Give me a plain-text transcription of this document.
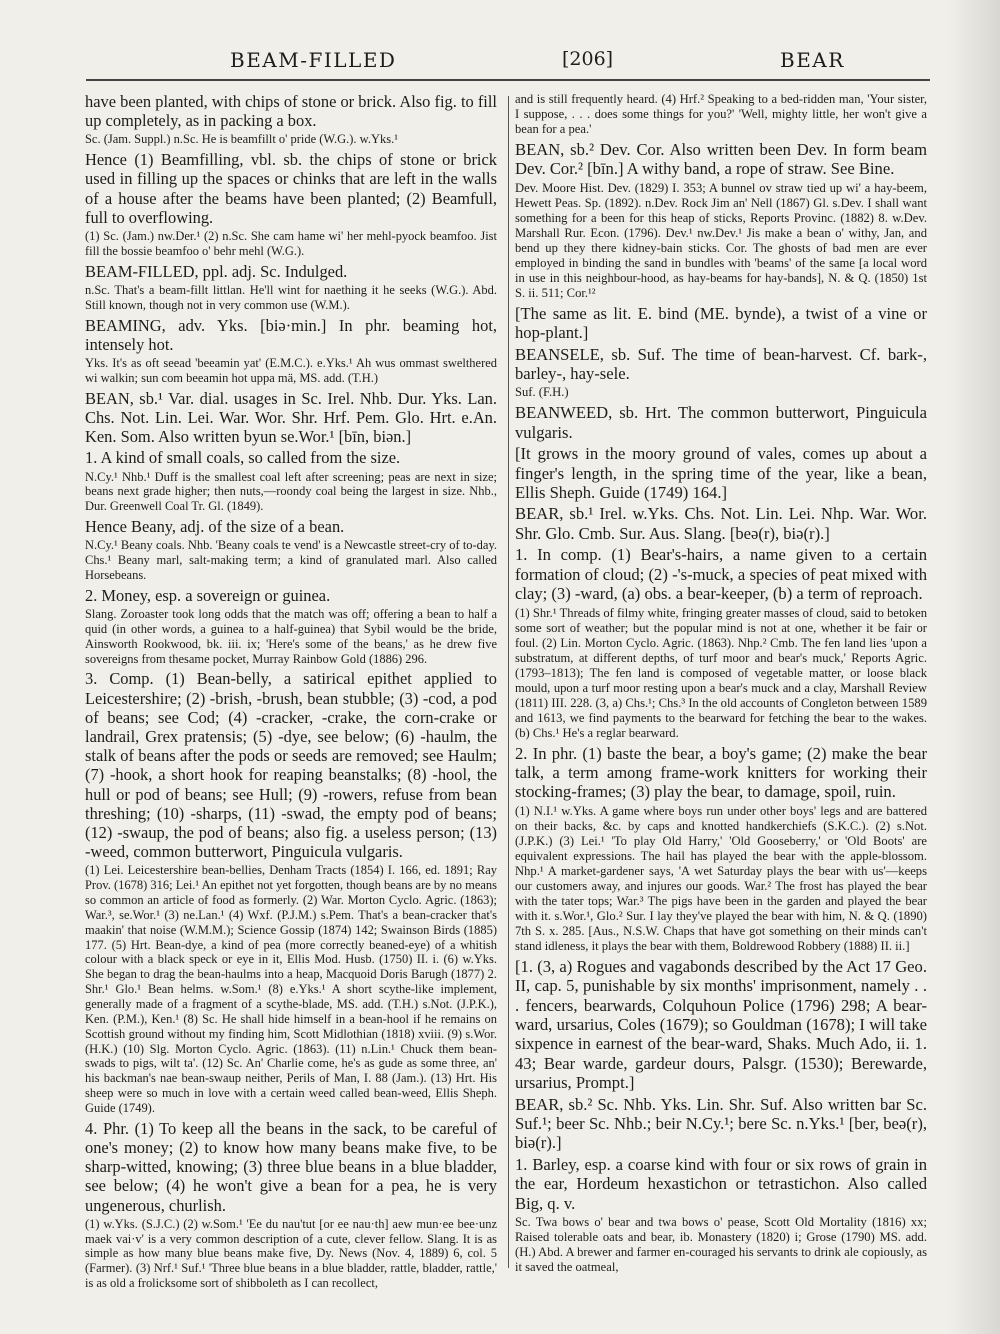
BEAM-FILLED	[206]	BEAR

have been planted, with chips of stone or brick. Also fig. to fill up completely, as in packing a box.

Sc. (Jam. Suppl.) n.Sc. He is beamfillt o' pride (W.G.). w.Yks.¹

Hence (1) Beamfilling, vbl. sb. the chips of stone or brick used in filling up the spaces or chinks that are left in the walls of a house after the beams have been planted; (2) Beamfull, full to overflowing.

(1) Sc. (Jam.) nw.Der.¹ (2) n.Sc. She cam hame wi' her mehl-pyock beamfoo. Jist fill the bossie beamfoo o' behr mehl (W.G.).

BEAM-FILLED, ppl. adj. Sc. Indulged.

n.Sc. That's a beam-fillt littlan. He'll wint for naething it he seeks (W.G.). Abd. Still known, though not in very common use (W.M.).

BEAMING, adv. Yks. [biə·min.] In phr. beaming hot, intensely hot.

Yks. It's as oft seead 'beeamin yat' (E.M.C.). e.Yks.¹ Ah wus ommast swelthered wi walkin; sun com beeamin hot uppa mä, MS. add. (T.H.)

BEAN, sb.¹ Var. dial. usages in Sc. Irel. Nhb. Dur. Yks. Lan. Chs. Not. Lin. Lei. War. Wor. Shr. Hrf. Pem. Glo. Hrt. e.An. Ken. Som. Also written byun se.Wor.¹ [bīn, biən.]

1. A kind of small coals, so called from the size.

N.Cy.¹ Nhb.¹ Duff is the smallest coal left after screening; peas are next in size; beans next grade higher; then nuts,—roondy coal being the largest in size. Nhb., Dur. Greenwell Coal Tr. Gl. (1849).

Hence Beany, adj. of the size of a bean.

N.Cy.¹ Beany coals. Nhb. 'Beany coals te vend' is a Newcastle street-cry of to-day. Chs.¹ Beany marl, salt-making term; a kind of granulated marl. Also called Horsebeans.

2. Money, esp. a sovereign or guinea.

Slang. Zoroaster took long odds that the match was off; offering a bean to half a quid (in other words, a guinea to a half-guinea) that Sybil would be the bride, Ainsworth Rookwood, bk. iii. ix; 'Here's some of the beans,' as he drew five sovereigns from thesame pocket, Murray Rainbow Gold (1886) 296.

3. Comp. (1) Bean-belly, a satirical epithet applied to Leicestershire; (2) -brish, -brush, bean stubble; (3) -cod, a pod of beans; see Cod; (4) -cracker, -crake, the corn-crake or landrail, Grex pratensis; (5) -dye, see below; (6) -haulm, the stalk of beans after the pods or seeds are removed; see Haulm; (7) -hook, a short hook for reaping beanstalks; (8) -hool, the hull or pod of beans; see Hull; (9) -rowers, refuse from bean threshing; (10) -sharps, (11) -swad, the empty pod of beans; (12) -swaup, the pod of beans; also fig. a useless person; (13) -weed, common butterwort, Pinguicula vulgaris.

(1) Lei. Leicestershire bean-bellies, Denham Tracts (1854) I. 166, ed. 1891; Ray Prov. (1678) 316; Lei.¹ An epithet not yet forgotten, though beans are by no means so common an article of food as formerly. (2) War. Morton Cyclo. Agric. (1863); War.³, se.Wor.¹ (3) ne.Lan.¹ (4) Wxf. (P.J.M.) s.Pem. That's a bean-cracker that's maakin' that noise (W.M.M.); Science Gossip (1874) 142; Swainson Birds (1885) 177. (5) Hrt. Bean-dye, a kind of pea (more correctly beaned-eye) of a whitish colour with a black speck or eye in it, Ellis Mod. Husb. (1750) II. i. (6) w.Yks. She began to drag the bean-haulms into a heap, Macquoid Doris Barugh (1877) 2. Shr.¹ Glo.¹ Bean helms. w.Som.¹ (8) e.Yks.¹ A short scythe-like implement, generally made of a fragment of a scythe-blade, MS. add. (T.H.) s.Not. (J.P.K.), Ken. (P.M.), Ken.¹ (8) Sc. He shall hide himself in a bean-hool if he remains on Scottish ground without my finding him, Scott Midlothian (1818) xviii. (9) s.Wor. (H.K.) (10) Slg. Morton Cyclo. Agric. (1863). (11) n.Lin.¹ Chuck them bean-swads to pigs, wilt ta'. (12) Sc. An' Charlie come, he's as gude as some three, an' his backman's nae bean-swaup neither, Perils of Man, I. 88 (Jam.). (13) Hrt. His sheep were so much in love with a certain weed called bean-weed, Ellis Sheph. Guide (1749).

4. Phr. (1) To keep all the beans in the sack, to be careful of one's money; (2) to know how many beans make five, to be sharp-witted, knowing; (3) three blue beans in a blue bladder, see below; (4) he won't give a bean for a pea, he is very ungenerous, churlish.

(1) w.Yks. (S.J.C.) (2) w.Som.¹ 'Ee du nau'tut [or ee nau·th] aew mun·ee bee·unz maek vai·v' is a very common description of a cute, clever fellow. Slang. It is as simple as how many blue beans make five, Dy. News (Nov. 4, 1889) 6, col. 5 (Farmer). (3) Nrf.¹ Suf.¹ 'Three blue beans in a blue bladder, rattle, bladder, rattle,' is as old a frolicksome sort of shibboleth as I can recollect,

and is still frequently heard. (4) Hrf.² Speaking to a bed-ridden man, 'Your sister, I suppose, . . . does some things for you?' 'Well, mighty little, her won't give a bean for a pea.'

BEAN, sb.² Dev. Cor. Also written been Dev. In form beam Dev. Cor.² [bīn.] A withy band, a rope of straw. See Bine.

Dev. Moore Hist. Dev. (1829) I. 353; A bunnel ov straw tied up wi' a hay-beem, Hewett Peas. Sp. (1892). n.Dev. Rock Jim an' Nell (1867) Gl. s.Dev. I shall want something for a been for this heap of sticks, Reports Provinc. (1882) 8. w.Dev. Marshall Rur. Econ. (1796). Dev.¹ nw.Dev.¹ Jis make a bean o' withy, Jan, and bend up they there kidney-bain sticks. Cor. The ghosts of bad men are ever employed in binding the sand in bundles with 'beams' of the same [a local word in use in this neighbour-hood, as hay-beams for hay-bands], N. & Q. (1850) 1st S. ii. 511; Cor.¹²

[The same as lit. E. bind (ME. bynde), a twist of a vine or hop-plant.]

BEANSELE, sb. Suf. The time of bean-harvest. Cf. bark-, barley-, hay-sele.

Suf. (F.H.)

BEANWEED, sb. Hrt. The common butterwort, Pinguicula vulgaris.

[It grows in the moory ground of vales, comes up about a finger's length, in the spring time of the year, like a bean, Ellis Sheph. Guide (1749) 164.]

BEAR, sb.¹ Irel. w.Yks. Chs. Not. Lin. Lei. Nhp. War. Wor. Shr. Glo. Cmb. Sur. Aus. Slang. [beə(r), biə(r).]

1. In comp. (1) Bear's-hairs, a name given to a certain formation of cloud; (2) -'s-muck, a species of peat mixed with clay; (3) -ward, (a) obs. a bear-keeper, (b) a term of reproach.

(1) Shr.¹ Threads of filmy white, fringing greater masses of cloud, said to betoken some sort of weather; but the popular mind is not at one, whether it be fair or foul. (2) Lin. Morton Cyclo. Agric. (1863). Nhp.² Cmb. The fen land lies 'upon a substratum, at different depths, of turf moor and bear's muck,' Reports Agric. (1793–1813); The fen land is composed of vegetable matter, or loose black mould, upon a turf moor resting upon a bear's muck and a clay, Marshall Review (1811) III. 228. (3, a) Chs.¹; Chs.³ In the old accounts of Congleton between 1589 and 1613, we find payments to the bearward for fetching the bear to the wakes. (b) Chs.¹ He's a reglar bearward.

2. In phr. (1) baste the bear, a boy's game; (2) make the bear talk, a term among frame-work knitters for working their stocking-frames; (3) play the bear, to damage, spoil, ruin.

(1) N.I.¹ w.Yks. A game where boys run under other boys' legs and are battered on their backs, &c. by caps and knotted handkerchiefs (S.K.C.). (2) s.Not. (J.P.K.) (3) Lei.¹ 'To play Old Harry,' 'Old Gooseberry,' or 'Old Boots' are equivalent expressions. The hail has played the bear with the apple-blossom. Nhp.¹ A market-gardener says, 'A wet Saturday plays the bear with us'—keeps our customers away, and injures our goods. War.² The frost has played the bear with the tater tops; War.³ The pigs have been in the garden and played the bear with it. s.Wor.¹, Glo.² Sur. I lay they've played the bear with him, N. & Q. (1890) 7th S. x. 285. [Aus., N.S.W. Chaps that have got something on their minds can't stand idleness, it plays the bear with them, Boldrewood Robbery (1888) II. ii.]

[1. (3, a) Rogues and vagabonds described by the Act 17 Geo. II, cap. 5, punishable by six months' imprisonment, namely . . . fencers, bearwards, Colquhoun Police (1796) 298; A bear-ward, ursarius, Coles (1679); so Gouldman (1678); I will take sixpence in earnest of the bear-ward, Shaks. Much Ado, ii. 1. 43; Bear warde, gardeur dours, Palsgr. (1530); Berewarde, ursarius, Prompt.]

BEAR, sb.² Sc. Nhb. Yks. Lin. Shr. Suf. Also written bar Sc. Suf.¹; beer Sc. Nhb.; beir N.Cy.¹; bere Sc. n.Yks.¹ [ber, beə(r), biə(r).]

1. Barley, esp. a coarse kind with four or six rows of grain in the ear, Hordeum hexastichon or tetrastichon. Also called Big, q. v.

Sc. Twa bows o' bear and twa bows o' pease, Scott Old Mortality (1816) xx; Raised tolerable oats and bear, ib. Monastery (1820) i; Grose (1790) MS. add. (H.) Abd. A brewer and farmer en-couraged his servants to drink ale copiously, as it saved the oatmeal,
